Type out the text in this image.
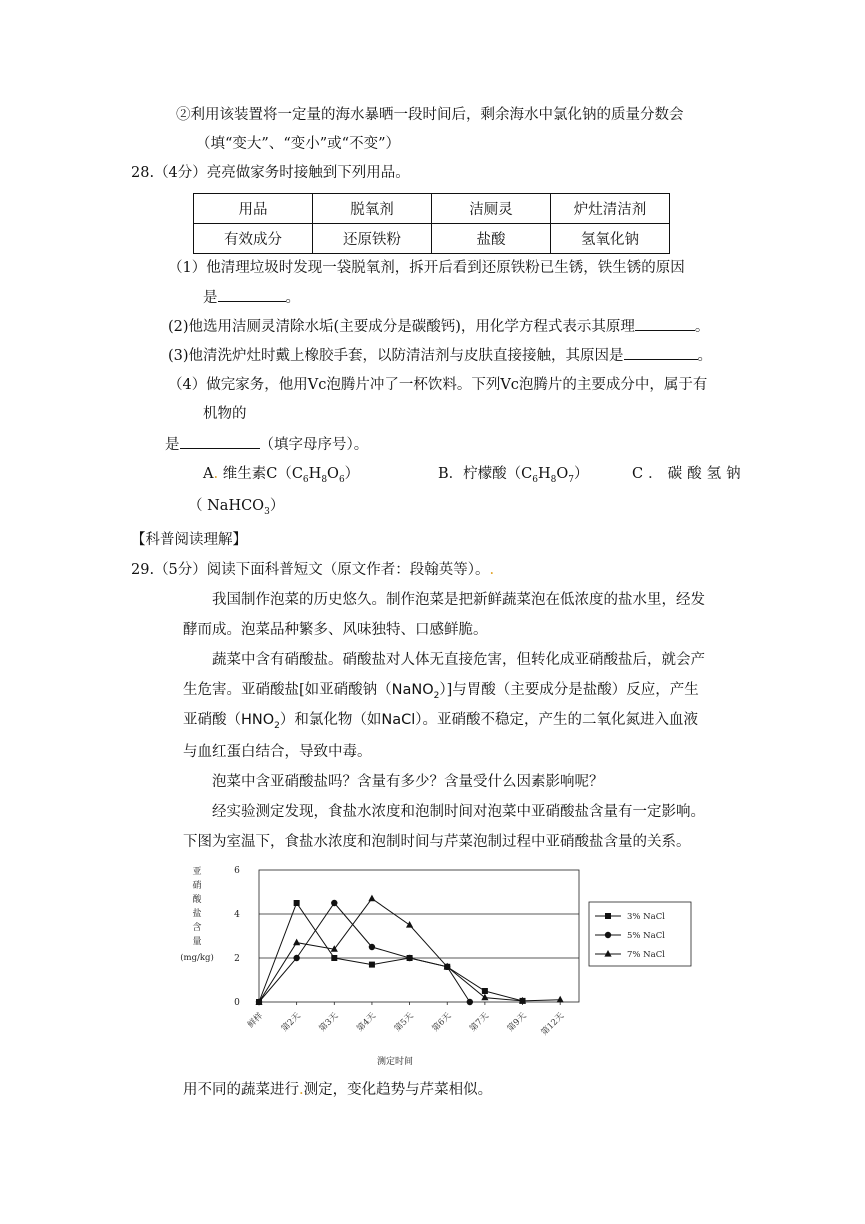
②利用该装置将一定量的海水暴晒一段时间后，剩余海水中氯化钠的质量分数会
（填“变大”、“变小”或“不变”）
28.（4分）亮亮做家务时接触到下列用品。
用品	脱氧剂	洁厕灵	炉灶清洁剂
有效成分	还原铁粉	盐酸	氢氧化钠
（1）他清理垃圾时发现一袋脱氧剂，拆开后看到还原铁粉已生锈，铁生锈的原因
是	。
(2)他选用洁厕灵清除水垢(主要成分是碳酸钙)，用化学方程式表示其原理	。
(3)他清洗炉灶时戴上橡胶手套，以防清洁剂与皮肤直接接触，其原因是	。
（4）做完家务，他用Vc泡腾片冲了一杯饮料。下列Vc泡腾片的主要成分中，属于有
机物的
是	（填字母序号）。
A. 维生素$C(C_6H_8O_6)$	B．柠檬酸$(C_6H_8O_7)$	C．碳酸氢钠
（ NaHCO$_3$）
【科普阅读理解】
29.（5分）阅读下面科普短文（原文作者：段翰英等）。.
我国制作泡菜的历史悠久。制作泡菜是把新鲜蔬菜泡在低浓度的盐水里，经发
酵而成。泡菜品种繁多、风味独特、口感鲜脆。
蔬菜中含有硝酸盐。硝酸盐对人体无直接危害，但转化成亚硝酸盐后，就会产
生危害。亚硝酸盐[如亚硝酸钠（NaNO$_2$）]与胃酸（主要成分是盐酸）反应，产生
亚硝酸$(HNO_2)$和氯化物（如NaCl）。亚硝酸不稳定，产生的二氧化氮进入血液
与血红蛋白结合，导致中毒。
泡菜中含亚硝酸盐吗？含量有多少？含量受什么因素影响呢？
经实验测定发现，食盐水浓度和泡制时间对泡菜中亚硝酸盐含量有一定影响。
下图为室温下，食盐水浓度和泡制时间与芹菜泡制过程中亚硝酸盐含量的关系。
亚
硝
酸
盐
含
量
(mg/kg)
0
2
4
6
鲜样 第2天 第3天 第4天 第5天 第6天 第7天 第9天 第12天
3% NaCl
5% NaCl
7% NaCl
测定时间
用不同的蔬菜进行.测定，变化趋势与芹菜相似。
